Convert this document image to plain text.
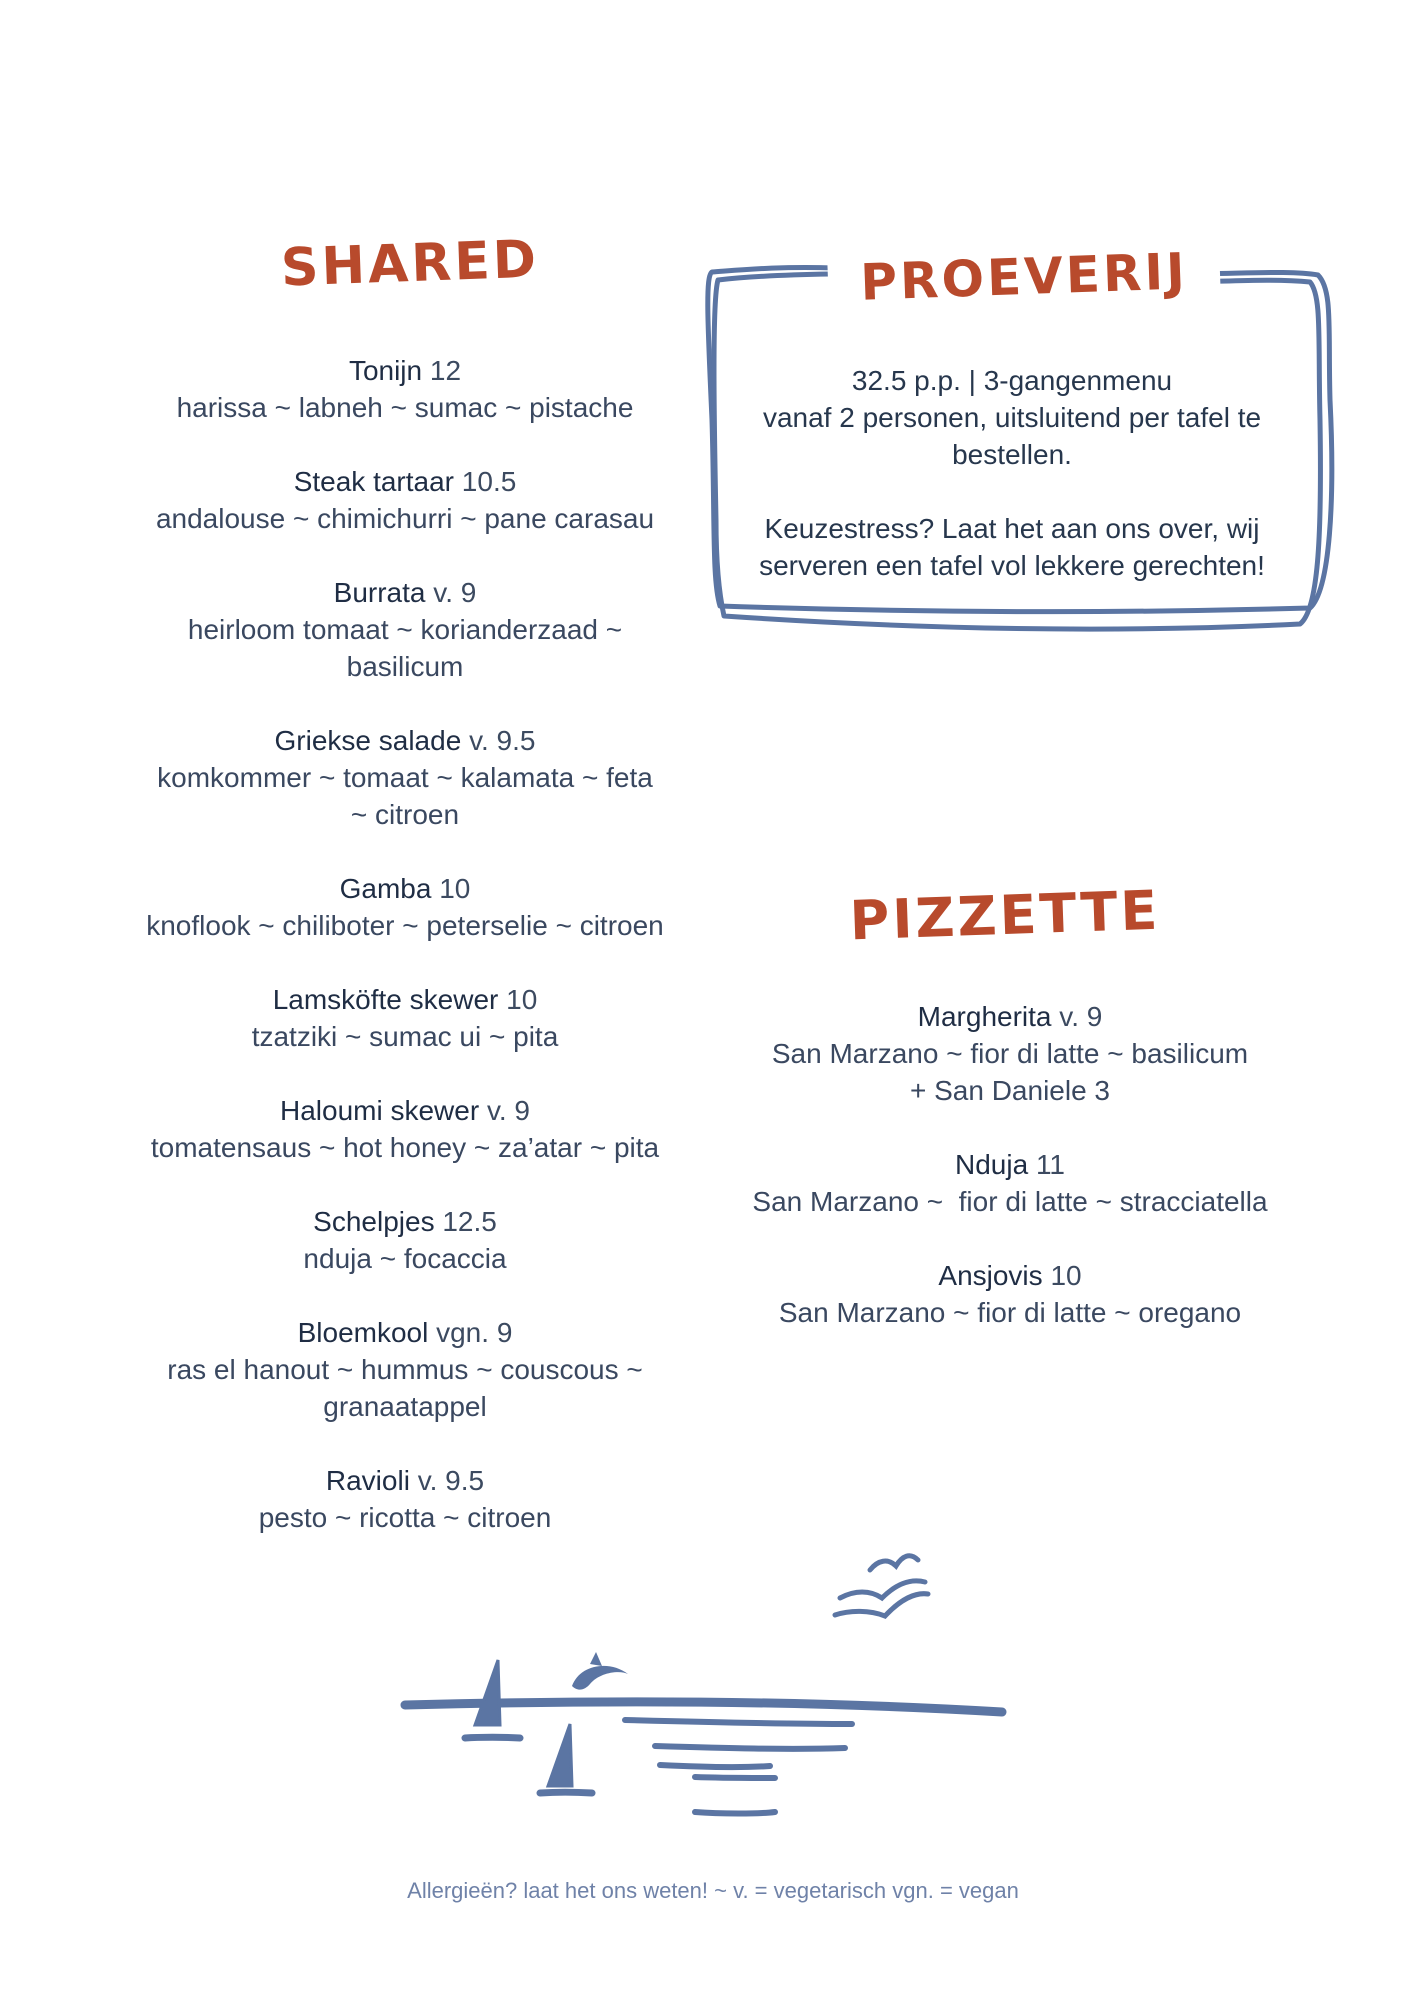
SHARED	PROEVERIJ
PIZZETTE
Tonijn 12
harissa ~ labneh ~ sumac ~ pistache
Steak tartaar 10.5
andalouse ~ chimichurri ~ pane carasau
Burrata v. 9
heirloom tomaat ~ korianderzaad ~ basilicum
Griekse salade v. 9.5
komkommer ~ tomaat ~ kalamata ~ feta ~ citroen
Gamba 10
knoflook ~ chiliboter ~ peterselie ~ citroen
Lamsköfte skewer 10
tzatziki ~ sumac ui ~ pita
Haloumi skewer v. 9
tomatensaus ~ hot honey ~ za’atar ~ pita
Schelpjes 12.5
nduja ~ focaccia
Bloemkool vgn. 9
ras el hanout ~ hummus ~ couscous ~ granaatappel
Ravioli v. 9.5
pesto ~ ricotta ~ citroen

32.5 p.p. | 3-gangenmenu

vanaf 2 personen, uitsluitend per tafel te bestellen.

Keuzestress? Laat het aan ons over, wij serveren een tafel vol lekkere gerechten!

Margherita v. 9
San Marzano ~ fior di latte ~ basilicum
+ San Daniele 3
Nduja 11
San Marzano ~  fior di latte ~ stracciatella
Ansjovis 10
San Marzano ~ fior di latte ~ oregano
Allergieën? laat het ons weten! ~ v. = vegetarisch vgn. = vegan
